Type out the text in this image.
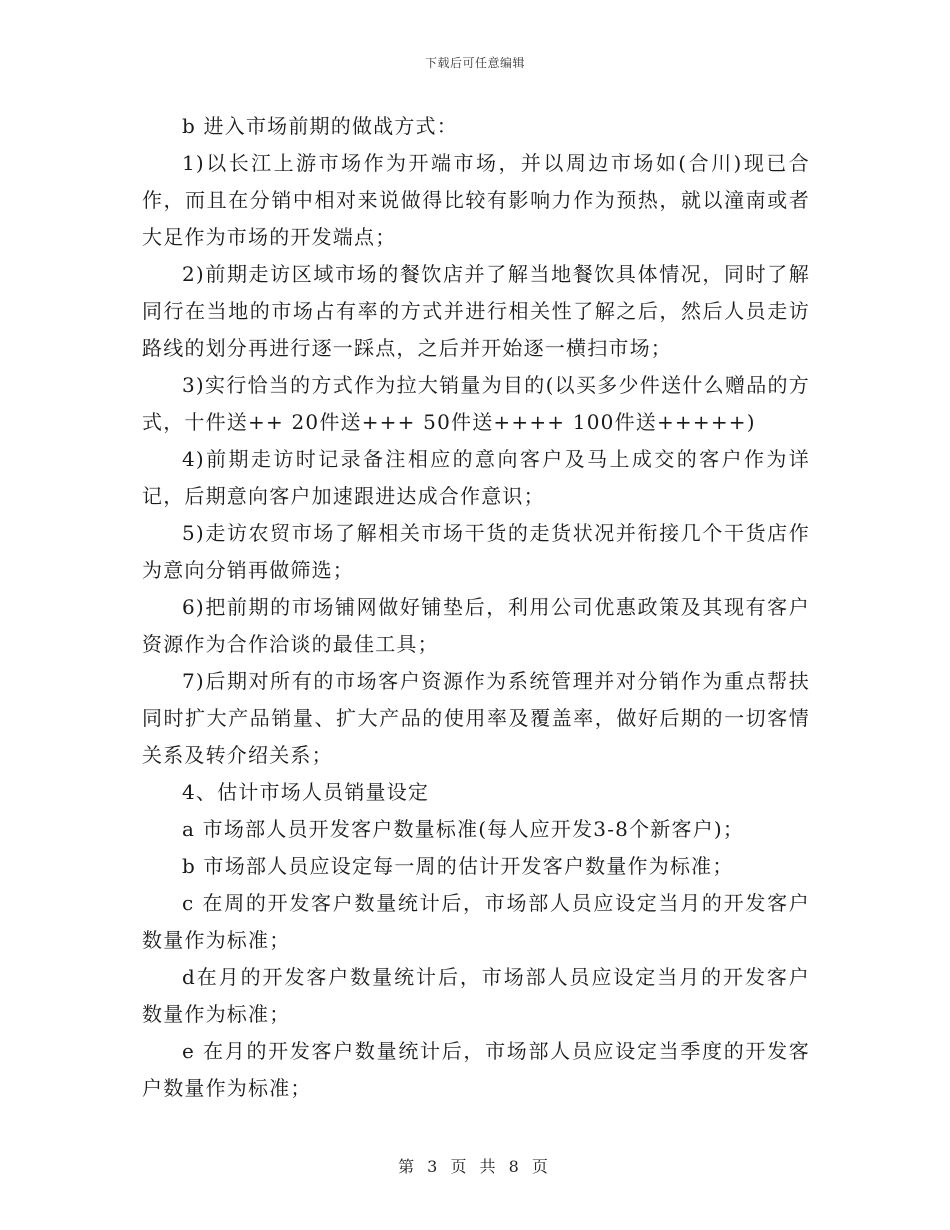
下载后可任意编辑

b 进入市场前期的做战方式：

1)以长江上游市场作为开端市场，并以周边市场如(合川)现已合作，而且在分销中相对来说做得比较有影响力作为预热，就以潼南或者大足作为市场的开发端点；

2)前期走访区域市场的餐饮店并了解当地餐饮具体情况，同时了解同行在当地的市场占有率的方式并进行相关性了解之后，然后人员走访路线的划分再进行逐一踩点，之后并开始逐一横扫市场；

3)实行恰当的方式作为拉大销量为目的(以买多少件送什么赠品的方式，十件送++ 20件送+++ 50件送++++ 100件送+++++)

4)前期走访时记录备注相应的意向客户及马上成交的客户作为详记，后期意向客户加速跟进达成合作意识；

5)走访农贸市场了解相关市场干货的走货状况并衔接几个干货店作为意向分销再做筛选；

6)把前期的市场铺网做好铺垫后，利用公司优惠政策及其现有客户资源作为合作洽谈的最佳工具；

7)后期对所有的市场客户资源作为系统管理并对分销作为重点帮扶同时扩大产品销量、扩大产品的使用率及覆盖率，做好后期的一切客情关系及转介绍关系；

4、估计市场人员销量设定

a 市场部人员开发客户数量标准(每人应开发3-8个新客户)；

b 市场部人员应设定每一周的估计开发客户数量作为标准；

c 在周的开发客户数量统计后，市场部人员应设定当月的开发客户数量作为标准；

d在月的开发客户数量统计后，市场部人员应设定当月的开发客户数量作为标准；

e 在月的开发客户数量统计后，市场部人员应设定当季度的开发客户数量作为标准；

第 3 页 共 8 页
